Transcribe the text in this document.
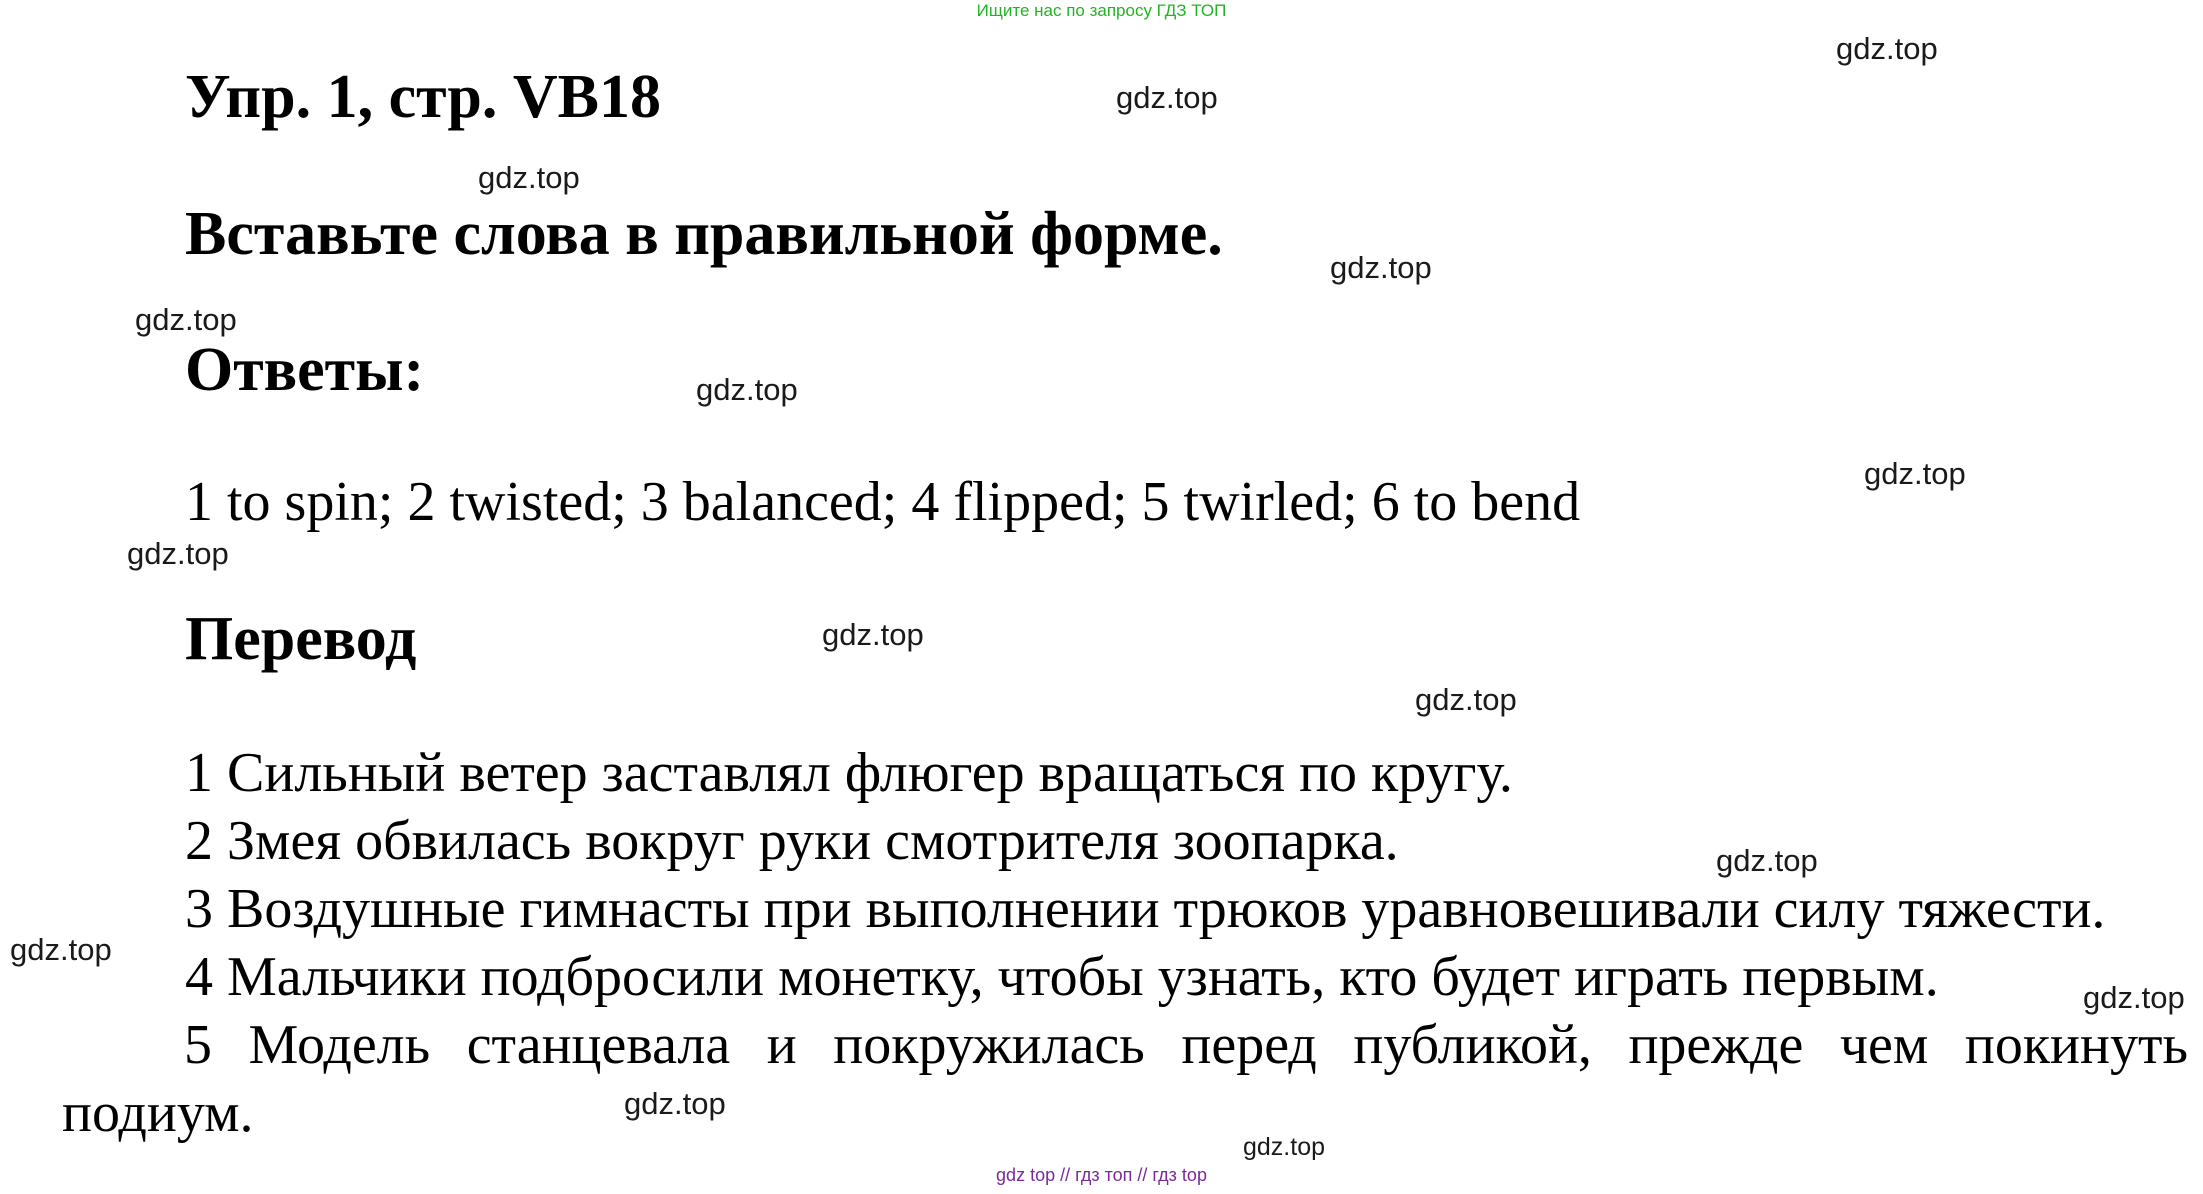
Ищите нас по запросу ГДЗ ТОП
Упр. 1, стр. VB18
Вставьте слова в правильной форме.
Ответы:
1 to spin; 2 twisted; 3 balanced; 4 flipped; 5 twirled; 6 to bend
Перевод
1 Сильный ветер заставлял флюгер вращаться по кругу.
2 Змея обвилась вокруг руки смотрителя зоопарка.
3 Воздушные гимнасты при выполнении трюков уравновешивали силу тяжести.
4 Мальчики подбросили монетку, чтобы узнать, кто будет играть первым.
5 Модель станцевала и покружилась перед публикой, прежде чем покинуть подиум.
gdz.top
gdz.top
gdz.top
gdz.top
gdz.top
gdz.top
gdz.top
gdz.top
gdz.top
gdz.top
gdz.top
gdz.top
gdz.top
gdz.top
gdz.top
gdz top // гдз топ // гдз top
